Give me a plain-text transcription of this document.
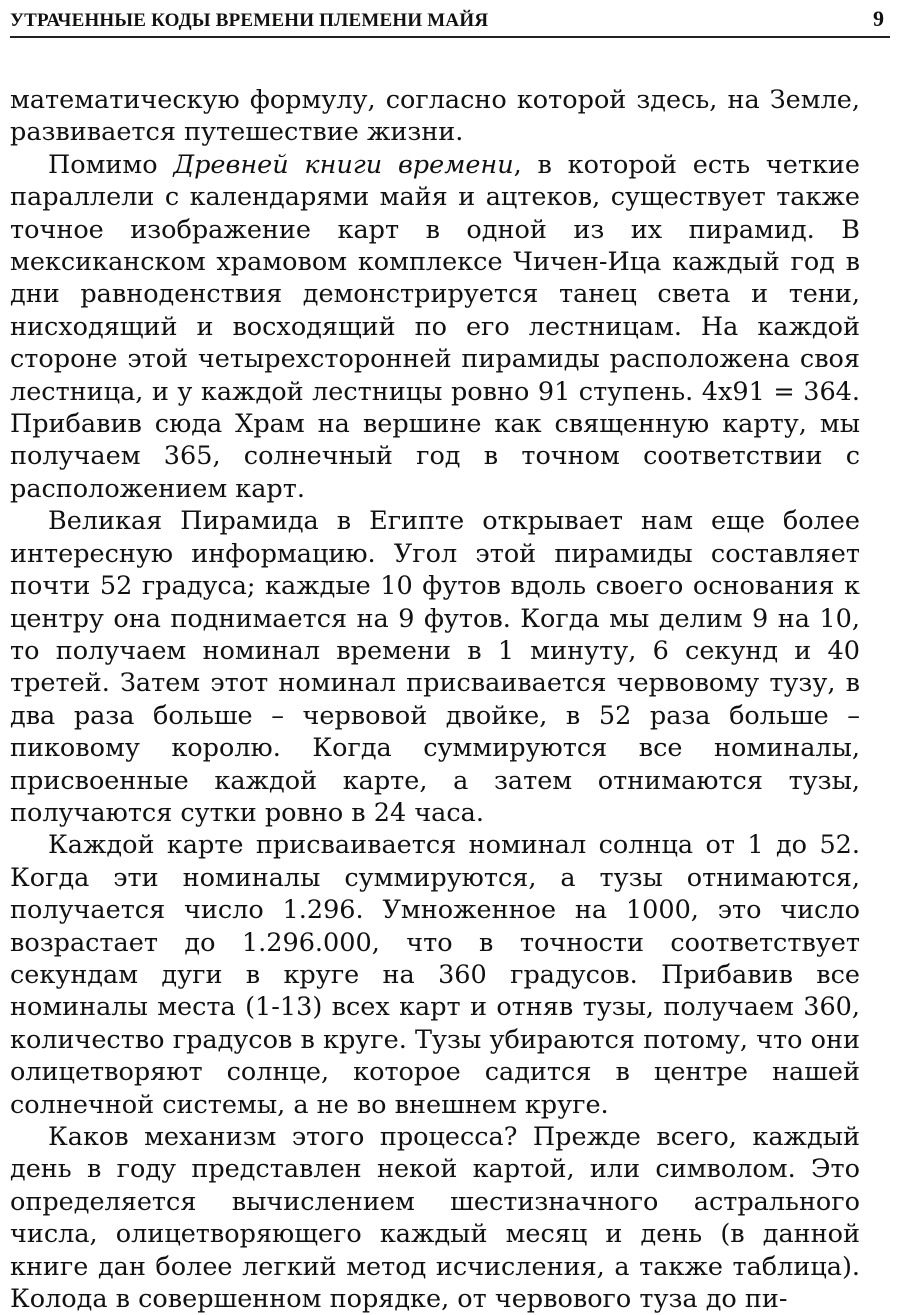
УТРАЧЕННЫЕ КОДЫ ВРЕМЕНИ ПЛЕМЕНИ МАЙЯ	9

математическую формулу, согласно которой здесь, на Земле, развивается путешествие жизни.

Помимо Древней книги времени, в которой есть четкие параллели с календарями майя и ацтеков, существует также точное изображение карт в одной из их пирамид. В мексиканском храмовом комплексе Чичен-Ица каждый год в дни равноденствия демонстрируется танец света и тени, нисходящий и восходящий по его лестницам. На каждой стороне этой четырехсторонней пирамиды расположена своя лестница, и у каждой лестницы ровно 91 ступень. 4x91 = 364. Прибавив сюда Храм на вершине как священную карту, мы получаем 365, солнечный год в точном соответствии с расположением карт.

Великая Пирамида в Египте открывает нам еще более интересную информацию. Угол этой пирамиды составляет почти 52 градуса; каждые 10 футов вдоль своего основания к центру она поднимается на 9 футов. Когда мы делим 9 на 10, то получаем номинал времени в 1 минуту, 6 секунд и 40 третей. Затем этот номинал присваивается червовому тузу, в два раза больше – червовой двойке, в 52 раза больше – пиковому королю. Когда суммируются все номиналы, присвоенные каждой карте, а затем отнимаются тузы, получаются сутки ровно в 24 часа.

Каждой карте присваивается номинал солнца от 1 до 52. Когда эти номиналы суммируются, а тузы отнимаются, получается число 1.296. Умноженное на 1000, это число возрастает до 1.296.000, что в точности соответствует секундам дуги в круге на 360 градусов. Прибавив все номиналы места (1-13) всех карт и отняв тузы, получаем 360, количество градусов в круге. Тузы убираются потому, что они олицетворяют солнце, которое садится в центре нашей солнечной системы, а не во внешнем круге.

Каков механизм этого процесса? Прежде всего, каждый день в году представлен некой картой, или символом. Это определяется вычислением шестизначного астрального числа, олицетворяющего каждый месяц и день (в данной книге дан более легкий метод исчисления, а также таблица). Колода в совершенном порядке, от червового туза до пи-
